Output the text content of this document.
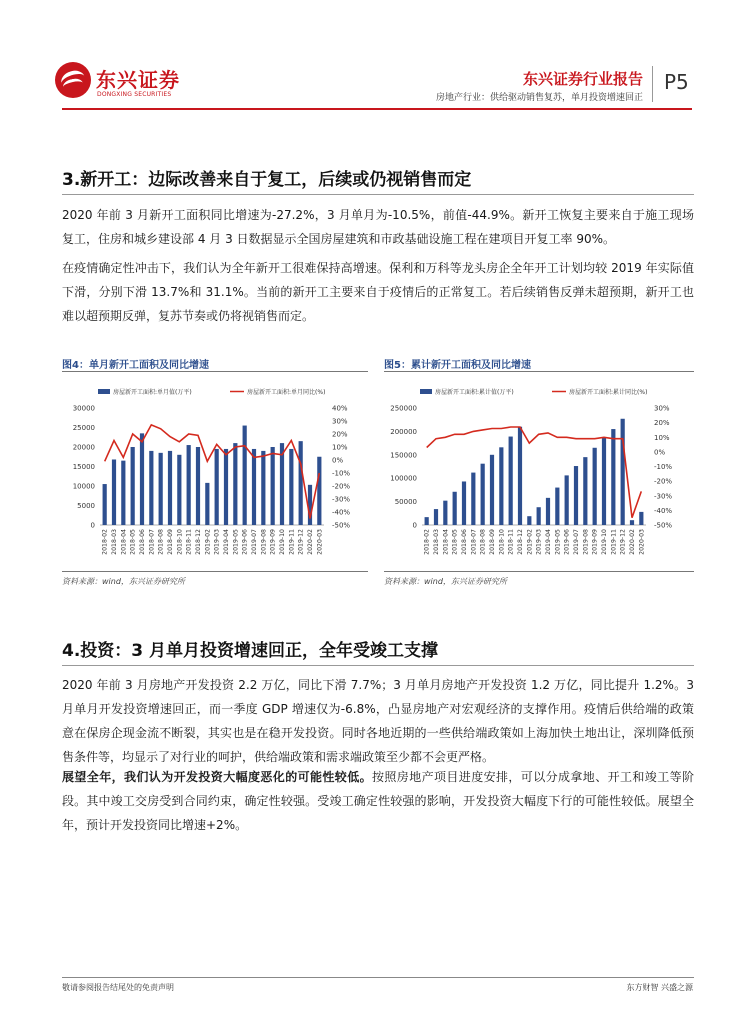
东兴证券
DONGXING SECURITIES
东兴证券行业报告
房地产行业：供给驱动销售复苏，单月投资增速回正
P5
3.新开工：边际改善来自于复工，后续或仍视销售而定
2020 年前 3 月新开工面积同比增速为-27.2%，3 月单月为-10.5%，前值-44.9%。新开工恢复主要来自于施工现场复工，住房和城乡建设部 4 月 3 日数据显示全国房屋建筑和市政基础设施工程在建项目开复工率 90%。
在疫情确定性冲击下，我们认为全年新开工很难保持高增速。保利和万科等龙头房企全年开工计划均较 2019 年实际值下滑，分别下滑 13.7%和 31.1%。当前的新开工主要来自于疫情后的正常复工。若后续销售反弹未超预期，新开工也难以超预期反弹，复苏节奏或仍将视销售而定。
图4：单月新开工面积及同比增速
房屋新开工面积:单月值(万平)	房屋新开工面积:单月同比(%)
0
5000
10000
15000
20000
25000
30000
-50%
-40%
-30%
-20%
-10%
0%
10%
20%
30%
40%
2018-02 2018-03 2018-04 2018-05 2018-06 2018-07 2018-08 2018-09 2018-10 2018-11 2018-12 2019-02 2019-03 2019-04 2019-05 2019-06 2019-07 2019-08 2019-09 2019-10 2019-11 2019-12 2020-02 2020-03
资料来源：wind，东兴证券研究所
图5：累计新开工面积及同比增速
房屋新开工面积:累计值(万平)	房屋新开工面积:累计同比(%)
0
50000
100000
150000
200000
250000
-50%
-40%
-30%
-20%
-10%
0%
10%
20%
30%
2018-02 2018-03 2018-04 2018-05 2018-06 2018-07 2018-08 2018-09 2018-10 2018-11 2018-12 2019-02 2019-03 2019-04 2019-05 2019-06 2019-07 2019-08 2019-09 2019-10 2019-11 2019-12 2020-02 2020-03
资料来源：wind，东兴证券研究所
4.投资：3 月单月投资增速回正，全年受竣工支撑
2020 年前 3 月房地产开发投资 2.2 万亿，同比下滑 7.7%；3 月单月房地产开发投资 1.2 万亿，同比提升 1.2%。3 月单月开发投资增速回正，而一季度 GDP 增速仅为-6.8%，凸显房地产对宏观经济的支撑作用。疫情后供给端的政策意在保房企现金流不断裂，其实也是在稳开发投资。同时各地近期的一些供给端政策如上海加快土地出让，深圳降低预售条件等，均显示了对行业的呵护，供给端政策和需求端政策至少都不会更严格。
展望全年，我们认为开发投资大幅度恶化的可能性较低。按照房地产项目进度安排，可以分成拿地、开工和竣工等阶段。其中竣工交房受到合同约束，确定性较强。受竣工确定性较强的影响，开发投资大幅度下行的可能性较低。展望全年，预计开发投资同比增速+2%。
敬请参阅报告结尾处的免责声明	东方财智 兴盛之源
